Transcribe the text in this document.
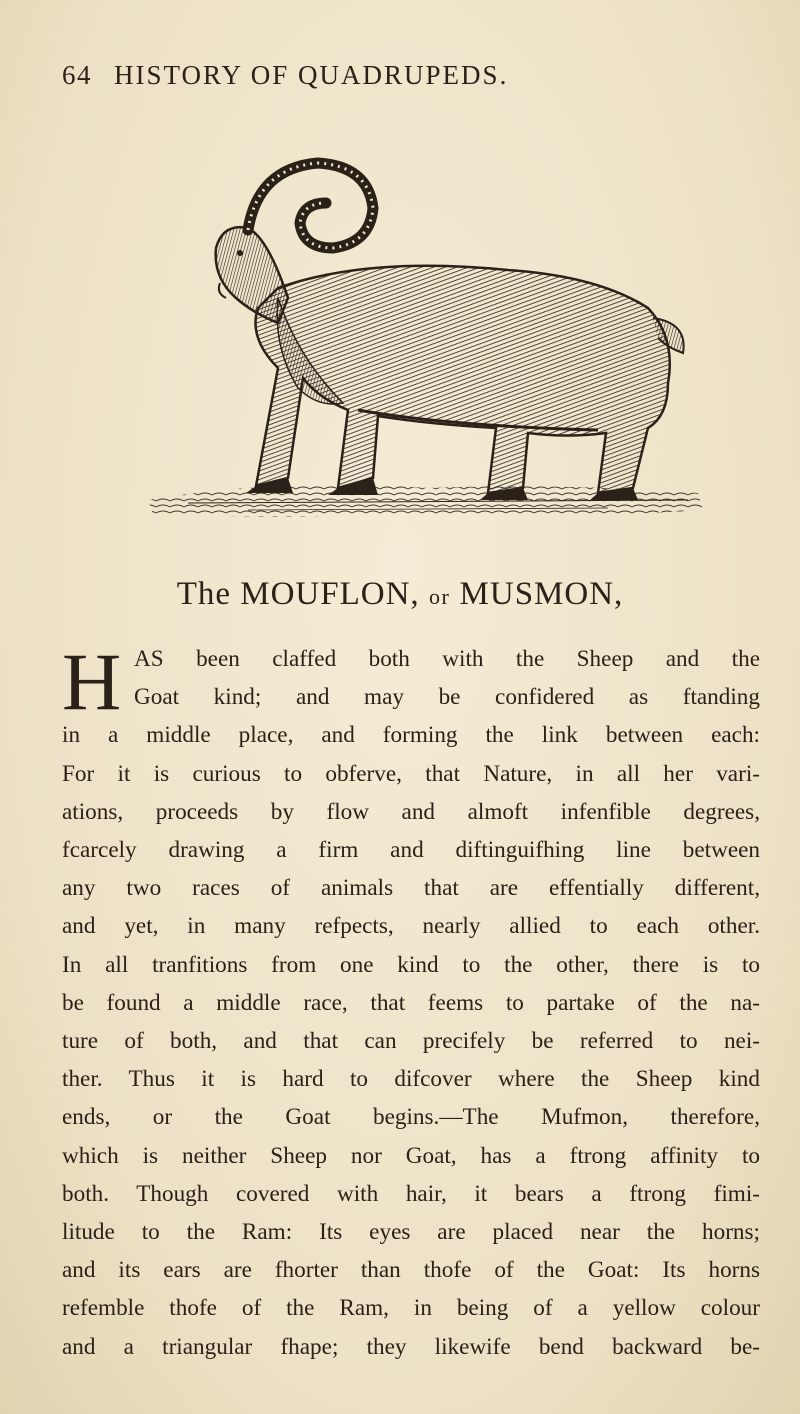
64 HISTORY OF QUADRUPEDS.
The MOUFLON, or MUSMON,
H AS been claffed both with the Sheep and the
Goat kind; and may be confidered as ftanding
in a middle place, and forming the link between each:
For it is curious to obferve, that Nature, in all her vari-
ations, proceeds by flow and almoft infenfible degrees,
fcarcely drawing a firm and diftinguifhing line between
any two races of animals that are effentially different,
and yet, in many refpects, nearly allied to each other.
In all tranfitions from one kind to the other, there is to
be found a middle race, that feems to partake of the na-
ture of both, and that can precifely be referred to nei-
ther. Thus it is hard to difcover where the Sheep kind
ends, or the Goat begins.—The Mufmon, therefore,
which is neither Sheep nor Goat, has a ftrong affinity to
both. Though covered with hair, it bears a ftrong fimi-
litude to the Ram: Its eyes are placed near the horns;
and its ears are fhorter than thofe of the Goat: Its horns
refemble thofe of the Ram, in being of a yellow colour
and a triangular fhape; they likewife bend backward be-
